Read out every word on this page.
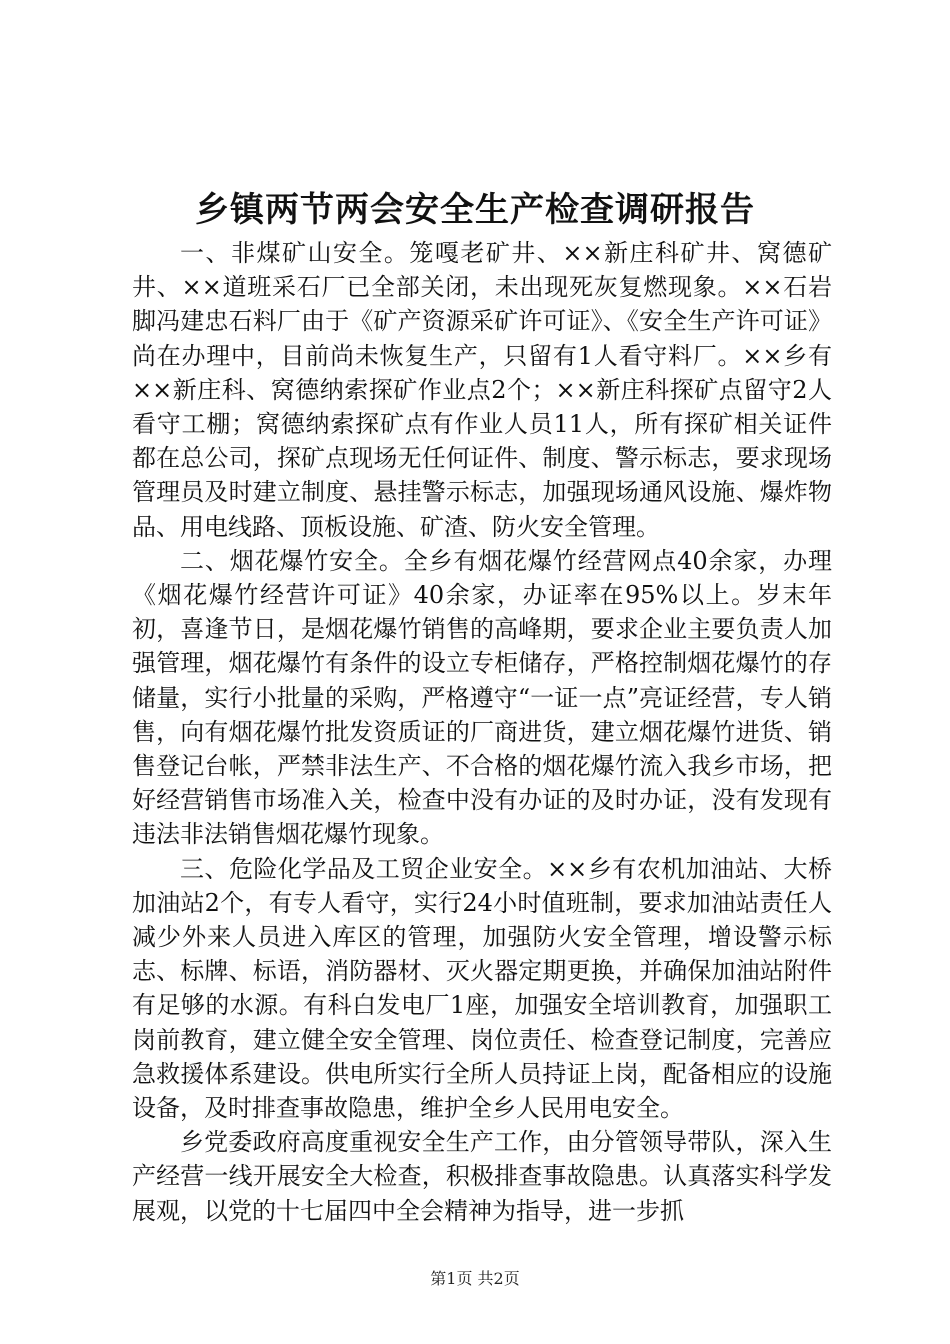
乡镇两节两会安全生产检查调研报告

一、非煤矿山安全。笼嘎老矿井、××新庄科矿井、窝德矿井、××道班采石厂已全部关闭，未出现死灰复燃现象。××石岩脚冯建忠石料厂由于《矿产资源采矿许可证》、《安全生产许可证》尚在办理中，目前尚未恢复生产，只留有1人看守料厂。××乡有××新庄科、窝德纳索探矿作业点2个；××新庄科探矿点留守2人看守工棚；窝德纳索探矿点有作业人员11人，所有探矿相关证件都在总公司，探矿点现场无任何证件、制度、警示标志，要求现场管理员及时建立制度、悬挂警示标志，加强现场通风设施、爆炸物品、用电线路、顶板设施、矿渣、防火安全管理。

二、烟花爆竹安全。全乡有烟花爆竹经营网点40余家，办理《烟花爆竹经营许可证》40余家，办证率在95%以上。岁末年初，喜逢节日，是烟花爆竹销售的高峰期，要求企业主要负责人加强管理，烟花爆竹有条件的设立专柜储存，严格控制烟花爆竹的存储量，实行小批量的采购，严格遵守“一证一点”亮证经营，专人销售，向有烟花爆竹批发资质证的厂商进货，建立烟花爆竹进货、销售登记台帐，严禁非法生产、不合格的烟花爆竹流入我乡市场，把好经营销售市场准入关，检查中没有办证的及时办证，没有发现有违法非法销售烟花爆竹现象。

三、危险化学品及工贸企业安全。××乡有农机加油站、大桥加油站2个，有专人看守，实行24小时值班制，要求加油站责任人减少外来人员进入库区的管理，加强防火安全管理，增设警示标志、标牌、标语，消防器材、灭火器定期更换，并确保加油站附件有足够的水源。有科白发电厂1座，加强安全培训教育，加强职工岗前教育，建立健全安全管理、岗位责任、检查登记制度，完善应急救援体系建设。供电所实行全所人员持证上岗，配备相应的设施设备，及时排查事故隐患，维护全乡人民用电安全。

乡党委政府高度重视安全生产工作，由分管领导带队，深入生产经营一线开展安全大检查，积极排查事故隐患。认真落实科学发展观，以党的十七届四中全会精神为指导，进一步抓

第1页 共2页
